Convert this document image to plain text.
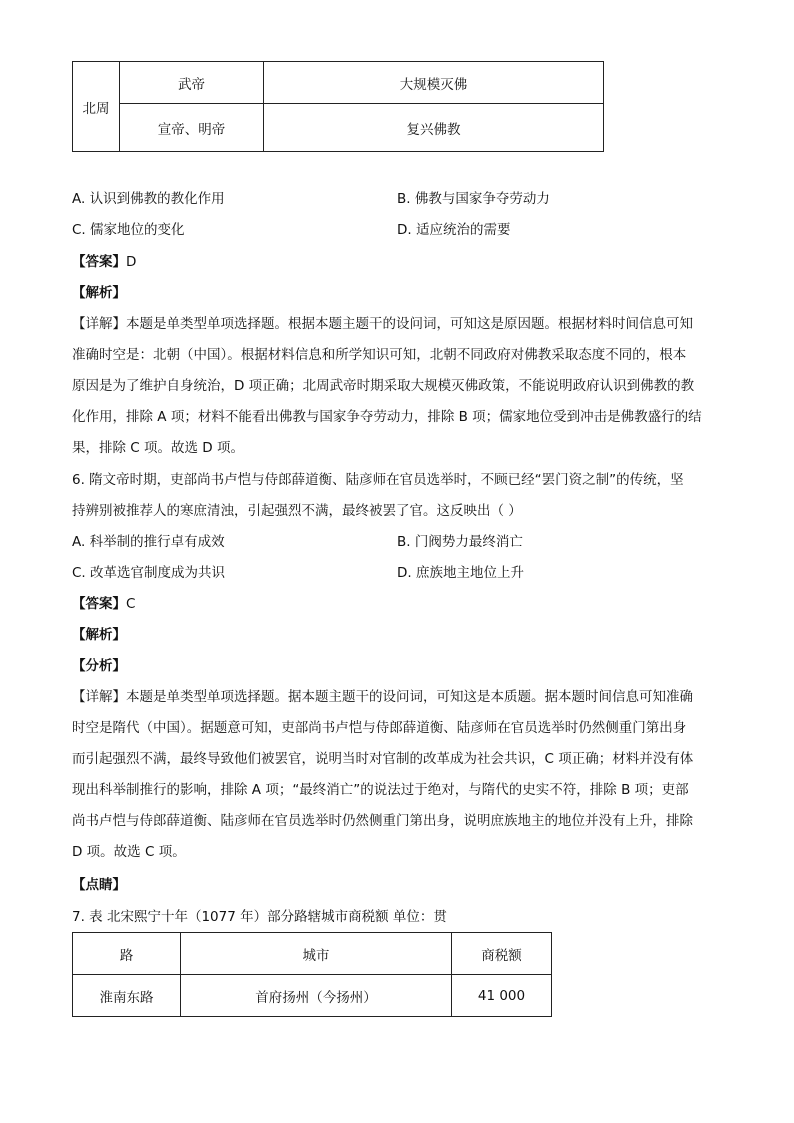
北周	武帝	大规模灭佛
	宣帝、明帝	复兴佛教
A. 认识到佛教的教化作用	B. 佛教与国家争夺劳动力
C. 儒家地位的变化	D. 适应统治的需要
【答案】D
【解析】
【详解】本题是单类型单项选择题。根据本题主题干的设问词，可知这是原因题。根据材料时间信息可知
准确时空是：北朝（中国）。根据材料信息和所学知识可知，北朝不同政府对佛教采取态度不同的，根本
原因是为了维护自身统治，D 项正确；北周武帝时期采取大规模灭佛政策，不能说明政府认识到佛教的教
化作用，排除 A 项；材料不能看出佛教与国家争夺劳动力，排除 B 项；儒家地位受到冲击是佛教盛行的结
果，排除 C 项。故选 D 项。
6. 隋文帝时期，吏部尚书卢恺与侍郎薛道衡、陆彦师在官员选举时，不顾已经“罢门资之制”的传统，坚
持辨别被推荐人的寒庶清浊，引起强烈不满，最终被罢了官。这反映出（ ）
A. 科举制的推行卓有成效	B. 门阀势力最终消亡
C. 改革选官制度成为共识	D. 庶族地主地位上升
【答案】C
【解析】
【分析】
【详解】本题是单类型单项选择题。据本题主题干的设问词，可知这是本质题。据本题时间信息可知准确
时空是隋代（中国）。据题意可知，吏部尚书卢恺与侍郎薛道衡、陆彦师在官员选举时仍然侧重门第出身
而引起强烈不满，最终导致他们被罢官，说明当时对官制的改革成为社会共识，C 项正确；材料并没有体
现出科举制推行的影响，排除 A 项；“最终消亡”的说法过于绝对，与隋代的史实不符，排除 B 项；吏部
尚书卢恺与侍郎薛道衡、陆彦师在官员选举时仍然侧重门第出身，说明庶族地主的地位并没有上升，排除
D 项。故选 C 项。
【点睛】
7. 表 北宋熙宁十年（1077 年）部分路辖城市商税额 单位：贯
路	城市	商税额
淮南东路	首府扬州（今扬州）	41 000
